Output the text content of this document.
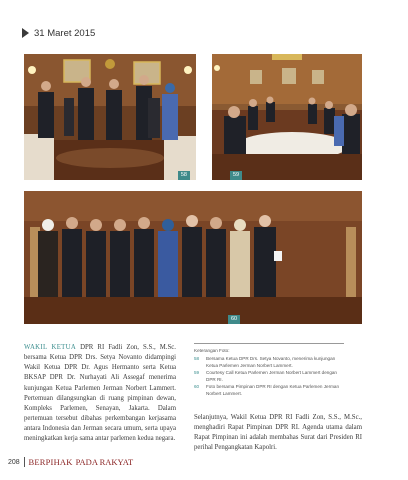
31 Maret 2015
58	59
60
WAKIL KETUA DPR RI Fadli Zon, S.S., M.Sc. bersama Ketua DPR Drs. Setya Novanto didampingi Wakil Ketua DPR Dr. Agus Hermanto serta Ketua BKSAP DPR Dr. Nurhayati Ali Assegaf menerima kunjungan Ketua Parlemen Jerman Norbert Lammert. Pertemuan dilangsungkan di ruang pimpinan dewan, Kompleks Parlemen, Senayan, Jakarta. Dalam pertemuan tersebut dibahas perkembangan kerjasama antara Indonesia dan Jerman secara umum, serta upaya meningkatkan kerja sama antar parlemen kedua negara.
Keterangan Foto:
58	Bersama Ketua DPR Drs. Setya Novanto, menerima kunjungan Ketua Parlemen Jerman Norbert Lammert.
59	Courtesy Call Ketua Parlemen Jerman Norbert Lammert dengan DPR RI.
60	Foto bersama Pimpinan DPR RI dengan Ketua Parlemen Jerman Norbert Lammert.
Selanjutnya, Wakil Ketua DPR RI Fadli Zon, S.S., M.Sc., menghadiri Rapat Pimpinan DPR RI. Agenda utama dalam Rapat Pimpinan ini adalah membahas Surat dari Presiden RI perihal Pengangkatan Kapolri.
208 BERPIHAK PADA RAKYAT
